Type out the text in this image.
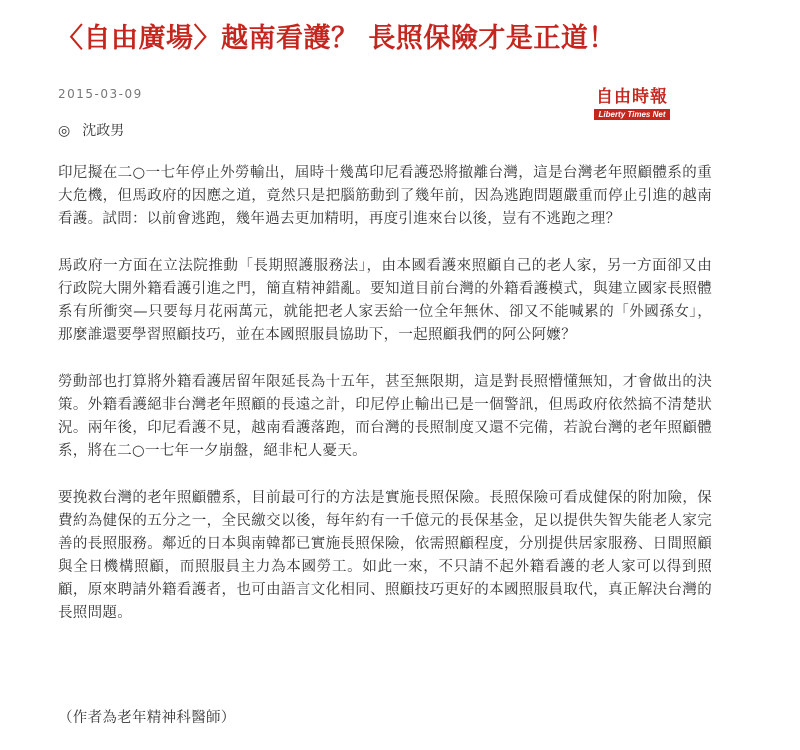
〈自由廣場〉越南看護？ 長照保險才是正道！
2015-03-09	自由時報
Liberty Times Net
◎ 沈政男

印尼擬在二○一七年停止外勞輸出，屆時十幾萬印尼看護恐將撤離台灣，這是台灣老年照顧體系的重大危機，但馬政府的因應之道，竟然只是把腦筋動到了幾年前，因為逃跑問題嚴重而停止引進的越南看護。試問：以前會逃跑，幾年過去更加精明，再度引進來台以後，豈有不逃跑之理？

馬政府一方面在立法院推動「長期照護服務法」，由本國看護來照顧自己的老人家，另一方面卻又由行政院大開外籍看護引進之門，簡直精神錯亂。要知道目前台灣的外籍看護模式，與建立國家長照體系有所衝突—只要每月花兩萬元，就能把老人家丟給一位全年無休、卻又不能喊累的「外國孫女」，那麼誰還要學習照顧技巧，並在本國照服員協助下，一起照顧我們的阿公阿嬤？

勞動部也打算將外籍看護居留年限延長為十五年，甚至無限期，這是對長照懵懂無知，才會做出的決策。外籍看護絕非台灣老年照顧的長遠之計，印尼停止輸出已是一個警訊，但馬政府依然搞不清楚狀況。兩年後，印尼看護不見，越南看護落跑，而台灣的長照制度又還不完備，若說台灣的老年照顧體系，將在二○一七年一夕崩盤，絕非杞人憂天。

要挽救台灣的老年照顧體系，目前最可行的方法是實施長照保險。長照保險可看成健保的附加險，保費約為健保的五分之一，全民繳交以後，每年約有一千億元的長保基金，足以提供失智失能老人家完善的長照服務。鄰近的日本與南韓都已實施長照保險，依需照顧程度，分別提供居家服務、日間照顧與全日機構照顧，而照服員主力為本國勞工。如此一來，不只請不起外籍看護的老人家可以得到照顧，原來聘請外籍看護者，也可由語言文化相同、照顧技巧更好的本國照服員取代，真正解決台灣的長照問題。

（作者為老年精神科醫師）
